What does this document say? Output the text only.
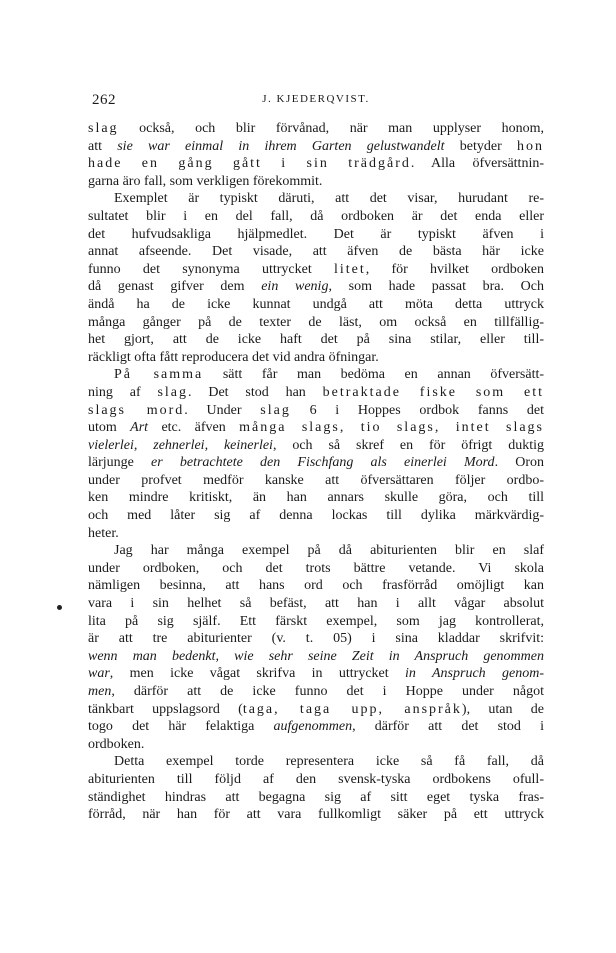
262	J. KJEDERQVIST.
slag också, och blir förvånad, när man upplyser honom,
att sie war einmal in ihrem Garten gelustwandelt betyder hon
hade en gång gått i sin trädgård. Alla öfversättnin-
garna äro fall, som verkligen förekommit.
Exemplet är typiskt däruti, att det visar, hurudant re-
sultatet blir i en del fall, då ordboken är det enda eller
det hufvudsakliga hjälpmedlet. Det är typiskt äfven i
annat afseende. Det visade, att äfven de bästa här icke
funno det synonyma uttrycket litet, för hvilket ordboken
då genast gifver dem ein wenig, som hade passat bra. Och
ändå ha de icke kunnat undgå att möta detta uttryck
många gånger på de texter de läst, om också en tillfällig-
het gjort, att de icke haft det på sina stilar, eller till-
räckligt ofta fått reproducera det vid andra öfningar.
På samma sätt får man bedöma en annan öfversätt-
ning af slag. Det stod han betraktade fiske som ett
slags mord. Under slag 6 i Hoppes ordbok fanns det
utom Art etc. äfven många slags, tio slags, intet slags
vielerlei, zehnerlei, keinerlei, och så skref en för öfrigt duktig
lärjunge er betrachtete den Fischfang als einerlei Mord. Oron
under profvet medför kanske att öfversättaren följer ordbo-
ken mindre kritiskt, än han annars skulle göra, och till
och med låter sig af denna lockas till dylika märkvärdig-
heter.
Jag har många exempel på då abiturienten blir en slaf
under ordboken, och det trots bättre vetande. Vi skola
nämligen besinna, att hans ord och frasförråd omöjligt kan
vara i sin helhet så befäst, att han i allt vågar absolut
lita på sig själf. Ett färskt exempel, som jag kontrollerat,
är att tre abiturienter (v. t. 05) i sina kladdar skrifvit:
wenn man bedenkt, wie sehr seine Zeit in Anspruch genommen
war, men icke vågat skrifva in uttrycket in Anspruch genom-
men, därför att de icke funno det i Hoppe under något
tänkbart uppslagsord (taga, taga upp, anspråk), utan de
togo det här felaktiga aufgenommen, därför att det stod i
ordboken.
Detta exempel torde representera icke så få fall, då
abiturienten till följd af den svensk-tyska ordbokens ofull-
ständighet hindras att begagna sig af sitt eget tyska fras-
förråd, när han för att vara fullkomligt säker på ett uttryck
